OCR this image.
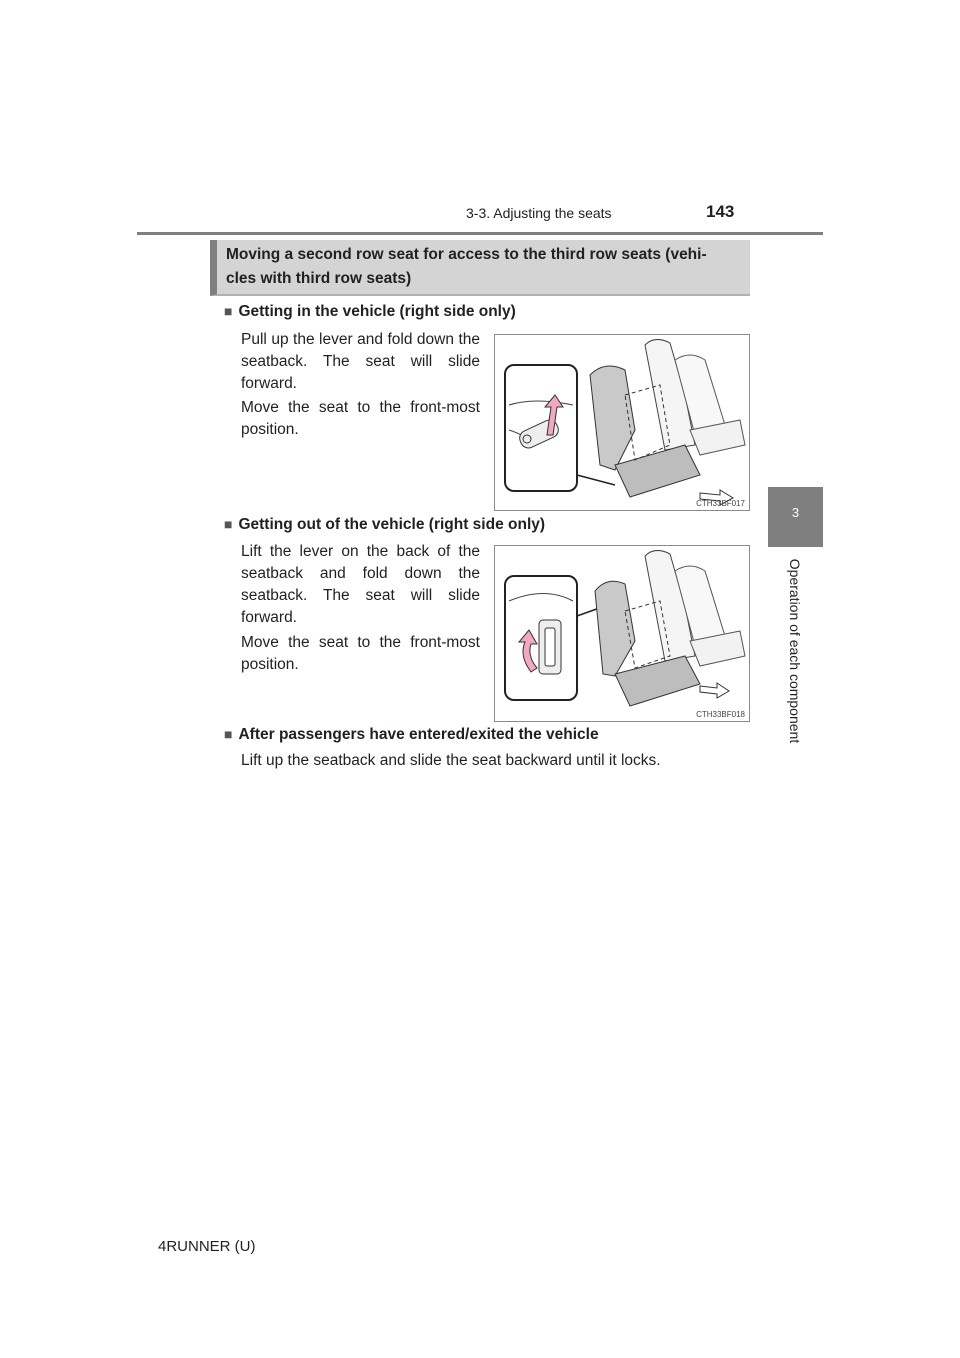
3-3. Adjusting the seats	143
3
Operation of each component
Moving a second row seat for access to the third row seats (vehi-
cles with third row seats)
■ Getting in the vehicle (right side only)
Pull up the lever and fold down the seatback. The seat will slide forward.
Move the seat to the front-most position.
CTH33BF017
■ Getting out of the vehicle (right side only)
Lift the lever on the back of the seatback and fold down the seatback. The seat will slide forward.
Move the seat to the front-most position.
CTH33BF018
■ After passengers have entered/exited the vehicle
Lift up the seatback and slide the seat backward until it locks.
4RUNNER (U)
